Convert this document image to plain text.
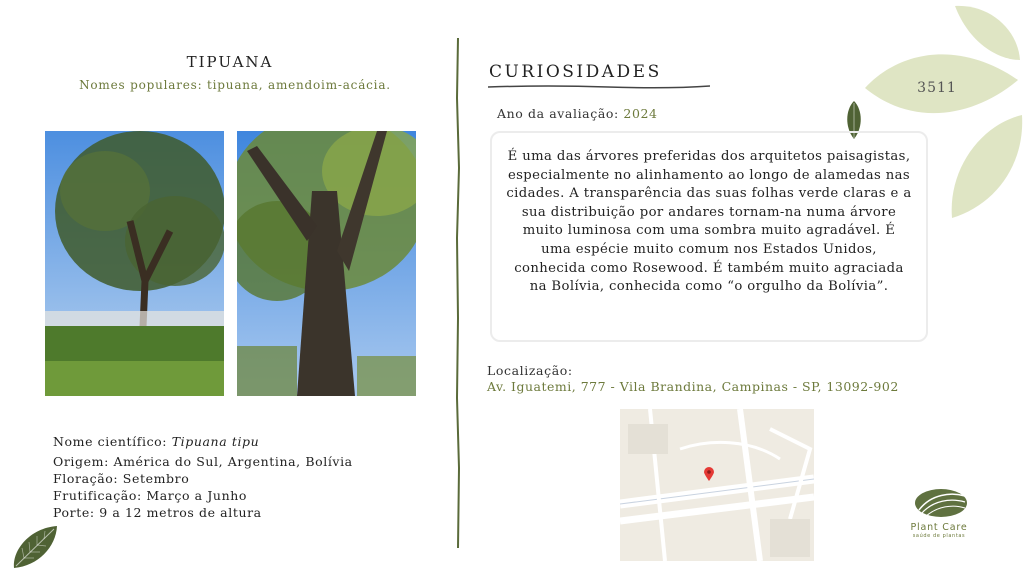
3511
TIPUANA
Nomes populares: tipuana, amendoim-acácia.
Nome científico: Tipuana tipu
Origem: América do Sul, Argentina, Bolívia
Floração: Setembro
Frutificação: Março a Junho
Porte: 9 a 12 metros de altura
CURIOSIDADES
Ano da avaliação: 2024

É uma das árvores preferidas dos arquitetos paisagistas, especialmente no alinhamento ao longo de alamedas nas cidades. A transparência das suas folhas verde claras e a sua distribuição por andares tornam-na numa árvore muito luminosa com uma sombra muito agradável. É uma espécie muito comum nos Estados Unidos, conhecida como Rosewood. É também muito agraciada na Bolívia, conhecida como “o orgulho da Bolívia”.

Localização:
Av. Iguatemi, 777 - Vila Brandina, Campinas - SP, 13092-902
Plant Care
saúde de plantas
